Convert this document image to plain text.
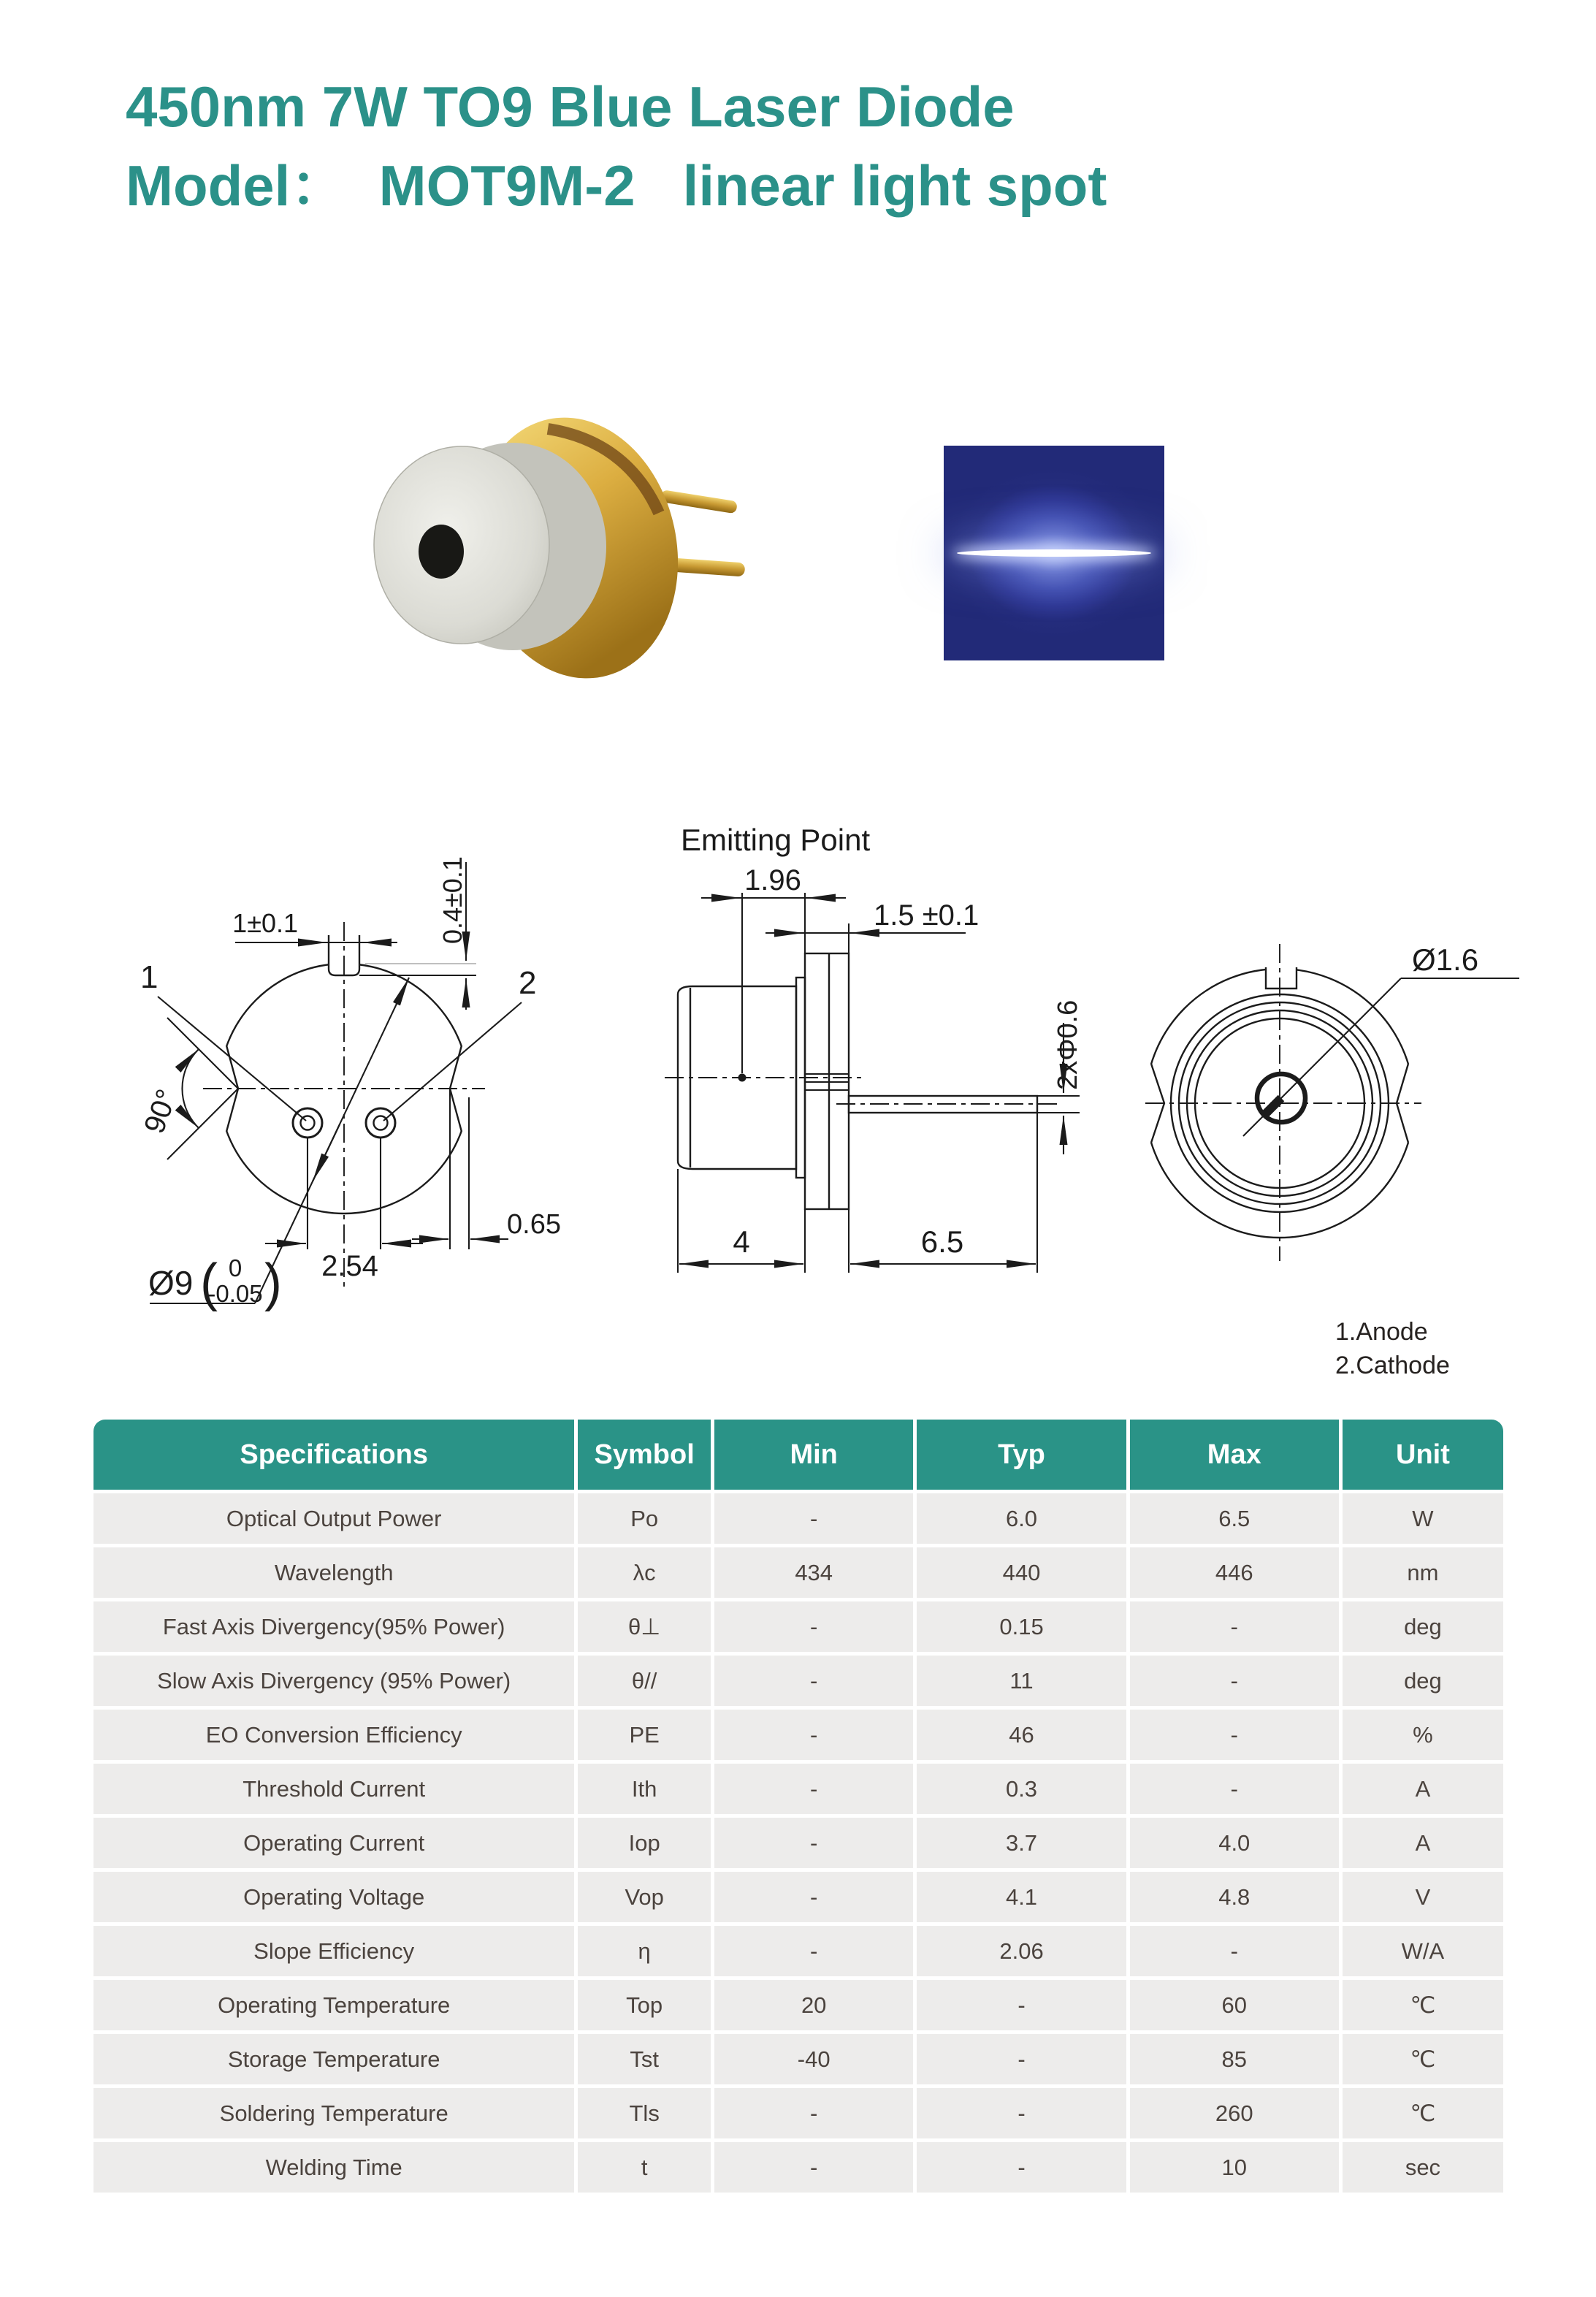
450nm 7W TO9 Blue Laser Diode
Model：  MOT9M-2   linear light spot
1	2
Ø9 ( 0
-0.05 )
90°
1±0.1	0.4±0.1
2.54
0.65
Emitting Point
1.96
1.5 ±0.1
2xΦ0.6
4	6.5
Ø1.6
1.Anode
2.Cathode
Specifications	Symbol	Min	Typ	Max	Unit
Optical Output Power	Po	-	6.0	6.5	W
Wavelength	λc	434	440	446	nm
Fast Axis Divergency(95% Power)	θ⊥	-	0.15	-	deg
Slow Axis Divergency (95% Power)	θ//	-	11	-	deg
EO Conversion Efficiency	PE	-	46	-	%
Threshold Current	Ith	-	0.3	-	A
Operating Current	Iop	-	3.7	4.0	A
Operating Voltage	Vop	-	4.1	4.8	V
Slope Efficiency	η	-	2.06	-	W/A
Operating Temperature	Top	20	-	60	℃
Storage Temperature	Tst	-40	-	85	℃
Soldering Temperature	Tls	-	-	260	℃
Welding Time	t	-	-	10	sec
